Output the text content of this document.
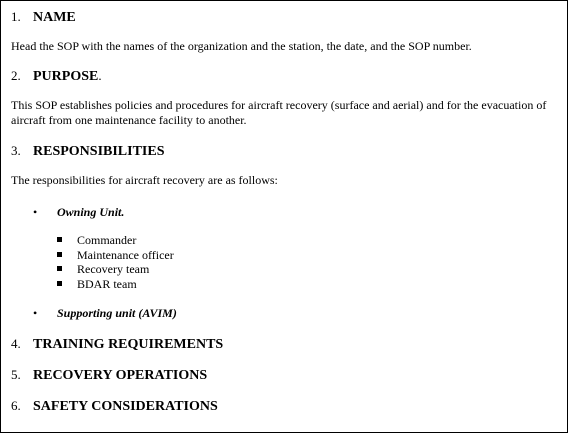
1. NAME
Head the SOP with the names of the organization and the station, the date, and the SOP number.
2. PURPOSE.
This SOP establishes policies and procedures for aircraft recovery (surface and aerial) and for the evacuation of aircraft from one maintenance facility to another.
3. RESPONSIBILITIES
The responsibilities for aircraft recovery are as follows:
• Owning Unit.
Commander
Maintenance officer
Recovery team
BDAR team
• Supporting unit (AVIM)
4. TRAINING REQUIREMENTS
5. RECOVERY OPERATIONS
6. SAFETY CONSIDERATIONS
